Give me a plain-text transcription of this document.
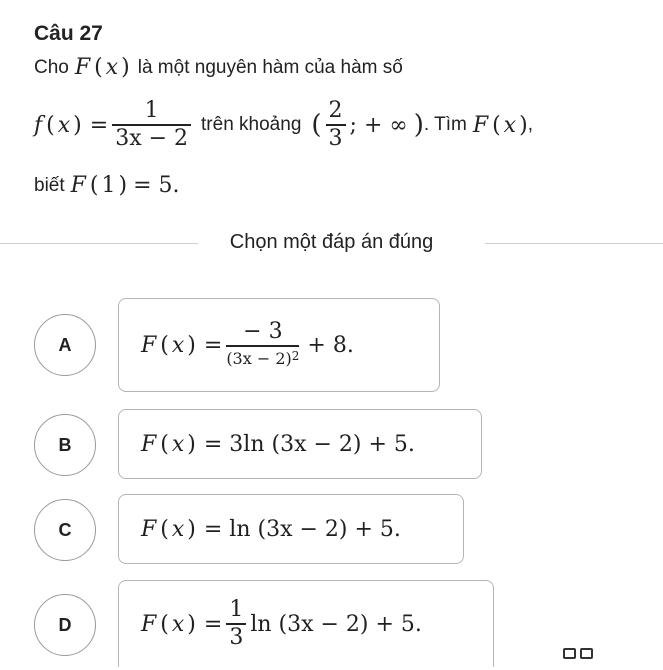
Câu 27
Cho F ( x ) là một nguyên hàm của hàm số
f ( x ) = $\frac{1}{3x - 2}$ trên khoảng ( $\frac{2}{3}$ ; + ∞ ) . Tìm F ( x ) ,
biết F ( 1 ) = 5.
Chọn một đáp án đúng
A	F ( x ) = $\frac{- 3}{(3x - 2)^2} + 8$.
B	F ( x ) = 3ln (3x − 2) + 5.
C	F ( x ) = ln (3x − 2) + 5.
D	F ( x ) = $\frac{1}{3}$ ln (3x − 2) + 5.
